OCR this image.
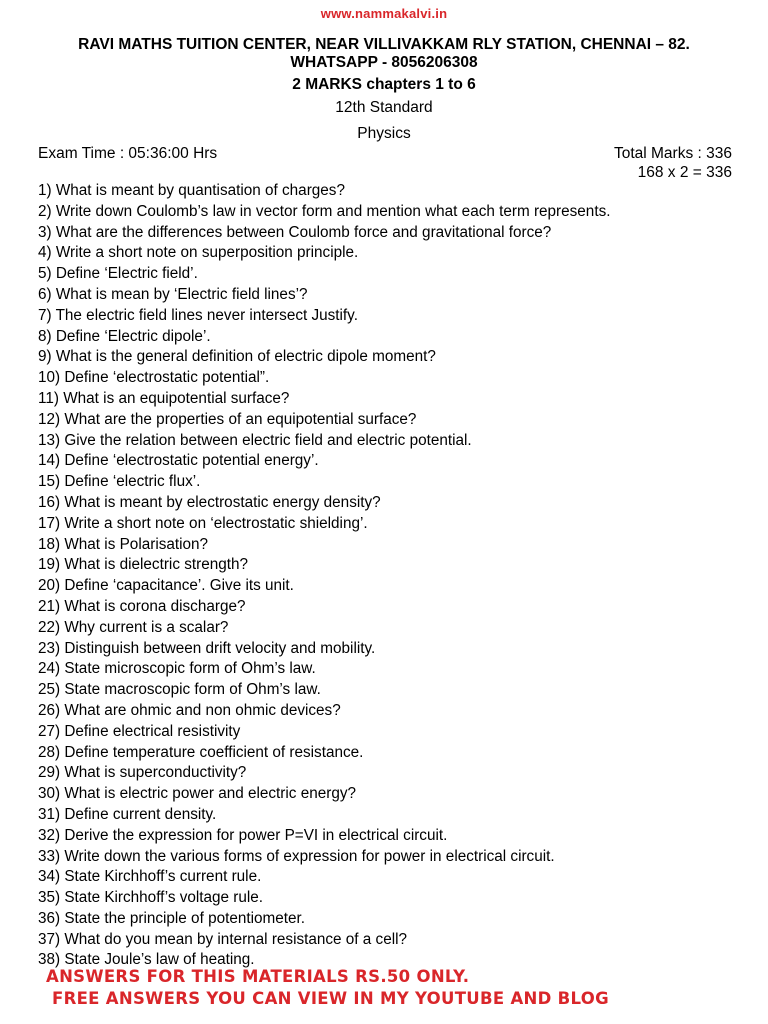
www.nammakalvi.in
RAVI MATHS TUITION CENTER, NEAR VILLIVAKKAM RLY STATION, CHENNAI – 82.
WHATSAPP - 8056206308
2 MARKS chapters 1 to 6
12th Standard
Physics
Exam Time : 05:36:00 Hrs	Total Marks : 336
168 x 2 = 336
1) What is meant by quantisation of charges?
2) Write down Coulomb’s law in vector form and mention what each term represents.
3) What are the differences between Coulomb force and gravitational force?
4) Write a short note on superposition principle.
5) Define ‘Electric field’.
6) What is mean by ‘Electric field lines’?
7) The electric field lines never intersect Justify.
8) Define ‘Electric dipole’.
9) What is the general definition of electric dipole moment?
10) Define ‘electrostatic potential”.
11) What is an equipotential surface?
12) What are the properties of an equipotential surface?
13) Give the relation between electric field and electric potential.
14) Define ‘electrostatic potential energy’.
15) Define ‘electric flux’.
16) What is meant by electrostatic energy density?
17) Write a short note on ‘electrostatic shielding’.
18) What is Polarisation?
19) What is dielectric strength?
20) Define ‘capacitance’. Give its unit.
21) What is corona discharge?
22) Why current is a scalar?
23) Distinguish between drift velocity and mobility.
24) State microscopic form of Ohm’s law.
25) State macroscopic form of Ohm’s law.
26) What are ohmic and non ohmic devices?
27) Define electrical resistivity
28) Define temperature coefficient of resistance.
29) What is superconductivity?
30) What is electric power and electric energy?
31) Define current density.
32) Derive the expression for power P=VI in electrical circuit.
33) Write down the various forms of expression for power in electrical circuit.
34) State Kirchhoff’s current rule.
35) State Kirchhoff’s voltage rule.
36) State the principle of potentiometer.
37) What do you mean by internal resistance of a cell?
38) State Joule’s law of heating.
ANSWERS FOR THIS MATERIALS RS.50 ONLY.
FREE ANSWERS YOU CAN VIEW IN MY YOUTUBE AND BLOG
